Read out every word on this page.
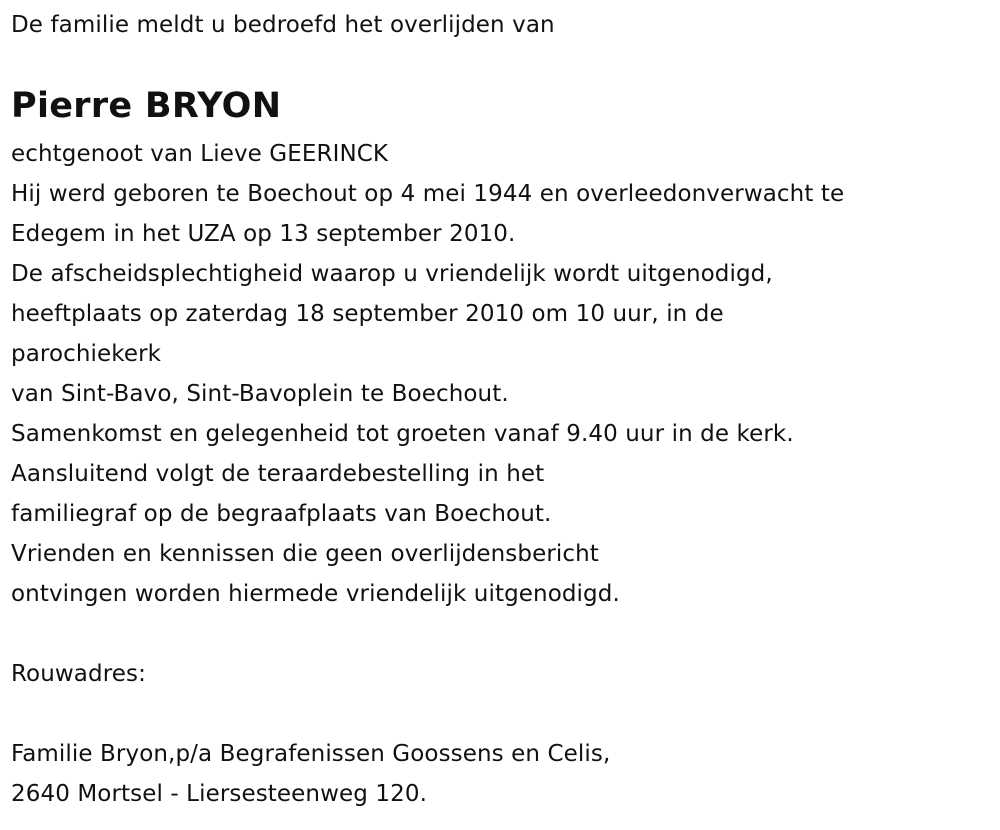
De familie meldt u bedroefd het overlijden van
Pierre BRYON
echtgenoot van Lieve GEERINCK
Hij werd geboren te Boechout op 4 mei 1944 en overleedonverwacht te
Edegem in het UZA op 13 september 2010.
De afscheidsplechtigheid waarop u vriendelijk wordt uitgenodigd,
heeftplaats op zaterdag 18 september 2010 om 10 uur, in de
parochiekerk
van Sint-Bavo, Sint-Bavoplein te Boechout.
Samenkomst en gelegenheid tot groeten vanaf 9.40 uur in de kerk.
Aansluitend volgt de teraardebestelling in het
familiegraf op de begraafplaats van Boechout.
Vrienden en kennissen die geen overlijdensbericht
ontvingen worden hiermede vriendelijk uitgenodigd.
Rouwadres:
Familie Bryon,p/a Begrafenissen Goossens en Celis,
2640 Mortsel - Liersesteenweg 120.
